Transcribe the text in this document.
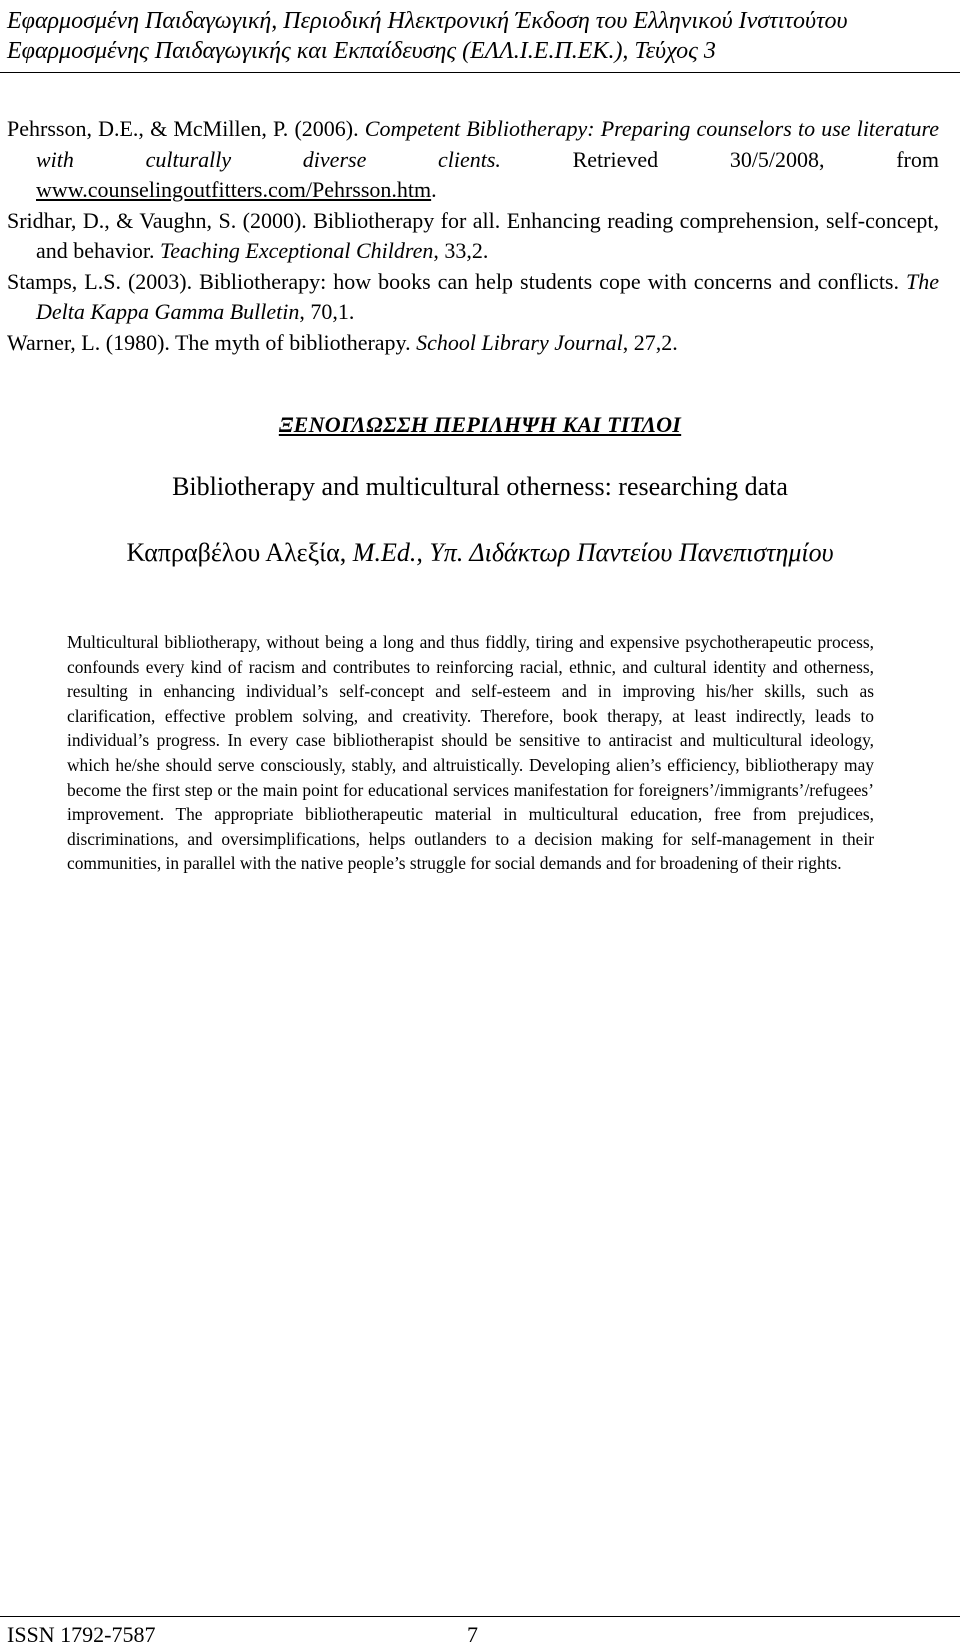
Εφαρμοσμένη Παιδαγωγική, Περιοδική Ηλεκτρονική Έκδοση του Ελληνικού Ινστιτούτου
Εφαρμοσμένης Παιδαγωγικής και Εκπαίδευσης (ΕΛΛ.Ι.Ε.Π.ΕΚ.), Τεύχος 3

Pehrsson, D.E., & McMillen, P. (2006). Competent Bibliotherapy: Preparing counselors to use literature with culturally diverse clients. Retrieved 30/5/2008, from www.counselingoutfitters.com/Pehrsson.htm.

Sridhar, D., & Vaughn, S. (2000). Bibliotherapy for all. Enhancing reading comprehension, self-concept, and behavior. Teaching Exceptional Children, 33,2.

Stamps, L.S. (2003). Bibliotherapy: how books can help students cope with concerns and conflicts. The Delta Kappa Gamma Bulletin, 70,1.

Warner, L. (1980). The myth of bibliotherapy. School Library Journal, 27,2.

ΞΕΝΟΓΛΩΣΣΗ ΠΕΡΙΛΗΨΗ ΚΑΙ ΤΙΤΛΟΙ
Bibliotherapy and multicultural otherness: researching data
Καπραβέλου Αλεξία, M.Ed., Υπ. Διδάκτωρ Παντείου Πανεπιστημίου

Multicultural bibliotherapy, without being a long and thus fiddly, tiring and expensive psychotherapeutic process, confounds every kind of racism and contributes to reinforcing racial, ethnic, and cultural identity and otherness, resulting in enhancing individual’s self-concept and self-esteem and in improving his/her skills, such as clarification, effective problem solving, and creativity. Therefore, book therapy, at least indirectly, leads to individual’s progress. In every case bibliotherapist should be sensitive to antiracist and multicultural ideology, which he/she should serve consciously, stably, and altruistically. Developing alien’s efficiency, bibliotherapy may become the first step or the main point for educational services manifestation for foreigners’/immigrants’/refugees’ improvement. The appropriate bibliotherapeutic material in multicultural education, free from prejudices, discriminations, and oversimplifications, helps outlanders to a decision making for self-management in their communities, in parallel with the native people’s struggle for social demands and for broadening of their rights.

ISSN 1792-7587	7
